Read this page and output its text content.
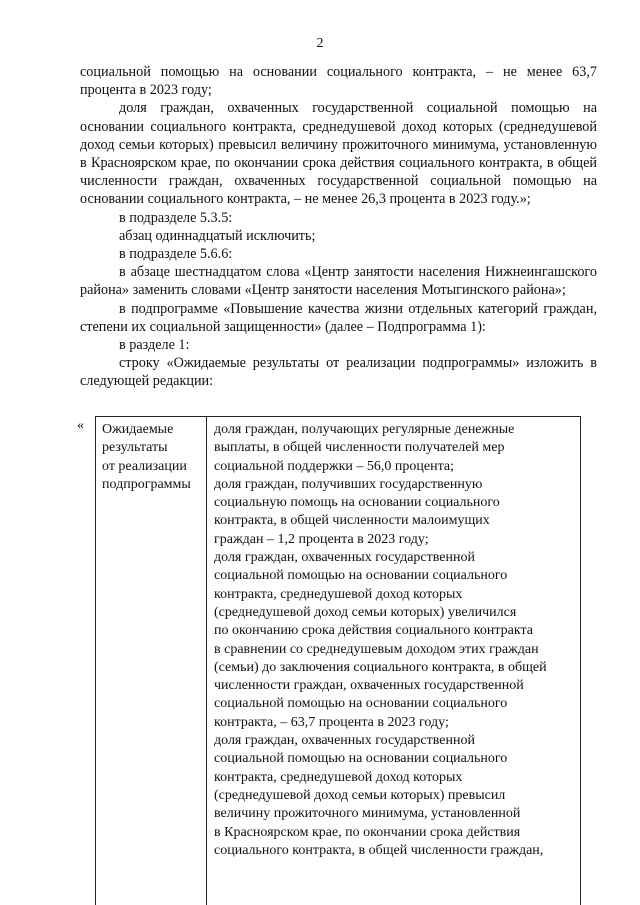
2

социальной помощью на основании социального контракта, – не менее 63,7 процента в 2023 году;

доля граждан, охваченных государственной социальной помощью на основании социального контракта, среднедушевой доход которых (среднедушевой доход семьи которых) превысил величину прожиточного минимума, установленную в Красноярском крае, по окончании срока действия социального контракта, в общей численности граждан, охваченных государственной социальной помощью на основании социального контракта, – не менее 26,3 процента в 2023 году.»;

в подразделе 5.3.5:

абзац одиннадцатый исключить;

в подразделе 5.6.6:

в абзаце шестнадцатом слова «Центр занятости населения Нижнеингашского района» заменить словами «Центр занятости населения Мотыгинского района»;

в подпрограмме «Повышение качества жизни отдельных категорий граждан, степени их социальной защищенности» (далее – Подпрограмма 1):

в разделе 1:

строку «Ожидаемые результаты от реализации подпрограммы» изложить в следующей редакции:

« Ожидаемые
результаты
от реализации
подпрограммы
доля граждан, получающих регулярные денежные
выплаты, в общей численности получателей мер
социальной поддержки – 56,0 процента;
доля граждан, получивших государственную
социальную помощь на основании социального
контракта, в общей численности малоимущих
граждан – 1,2 процента в 2023 году;
доля граждан, охваченных государственной
социальной помощью на основании социального
контракта, среднедушевой доход которых
(среднедушевой доход семьи которых) увеличился
по окончанию срока действия социального контракта
в сравнении со среднедушевым доходом этих граждан
(семьи) до заключения социального контракта, в общей
численности граждан, охваченных государственной
социальной помощью на основании социального
контракта, – 63,7 процента в 2023 году;
доля граждан, охваченных государственной
социальной помощью на основании социального
контракта, среднедушевой доход которых
(среднедушевой доход семьи которых) превысил
величину прожиточного минимума, установленной
в Красноярском крае, по окончании срока действия
социального контракта, в общей численности граждан,
